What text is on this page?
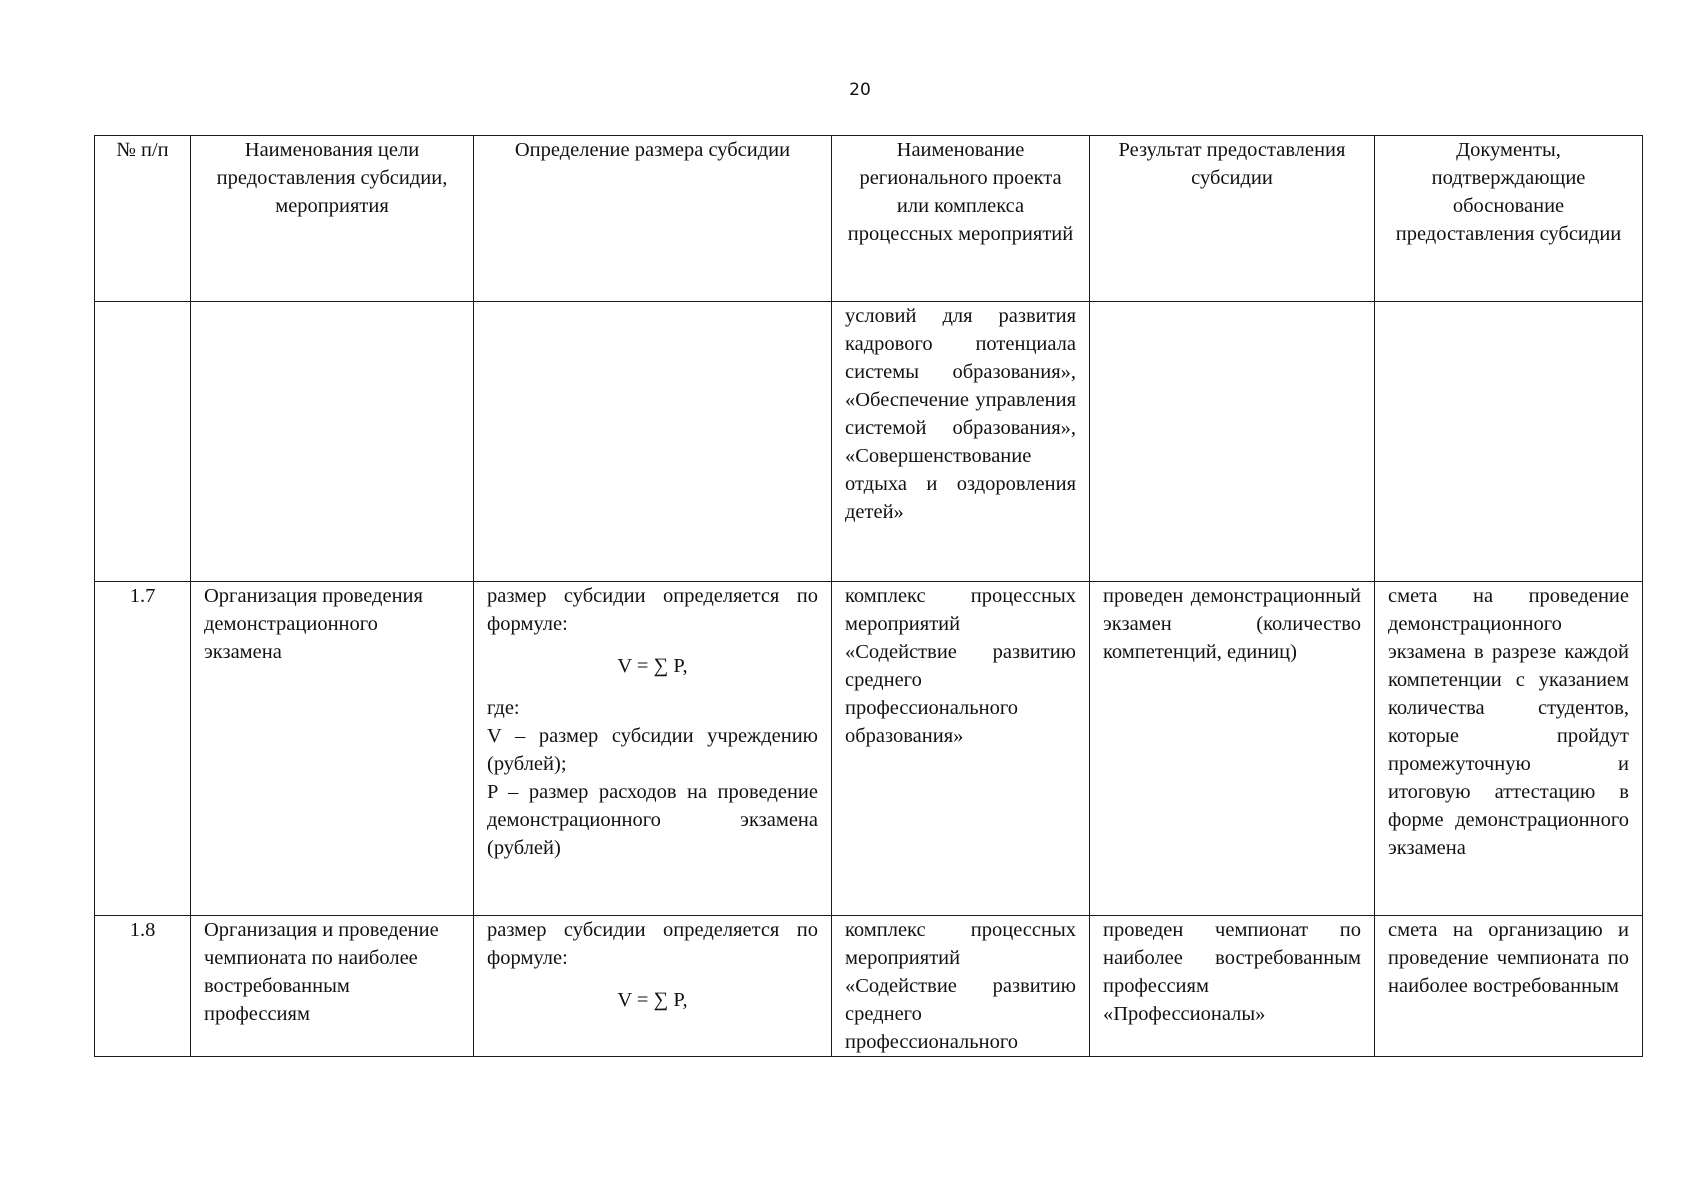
20
№ п/п	Наименования цели предоставления субсидии, мероприятия	Определение размера субсидии	Наименование регионального проекта или комплекса процессных мероприятий	Результат предоставления субсидии	Документы, подтверждающие обоснование предоставления субсидии
			условий для развития кадрового потенциала системы образования», «Обеспечение управления системой образования», «Совершенствование отдыха и оздоровления детей»		
1.7	Организация проведения демонстрационного экзамена	размер субсидии определяется по формуле:
V = ∑ P,
где:
V – размер субсидии учреждению (рублей);
P – размер расходов на проведение демонстрационного экзамена (рублей)	комплекс процессных мероприятий «Содействие развитию среднего профессионального образования»	проведен демонстрационный экзамен (количество компетенций, единиц)	смета на проведение демонстрационного экзамена в разрезе каждой компетенции с указанием количества студентов, которые пройдут промежуточную и итоговую аттестацию в форме демонстрационного экзамена
1.8	Организация и проведение чемпионата по наиболее востребованным профессиям	размер субсидии определяется по формуле:
V = ∑ P,	комплекс процессных мероприятий «Содействие развитию среднего профессионального	проведен чемпионат по наиболее востребованным профессиям «Профессионалы»	смета на организацию и проведение чемпионата по наиболее востребованным
